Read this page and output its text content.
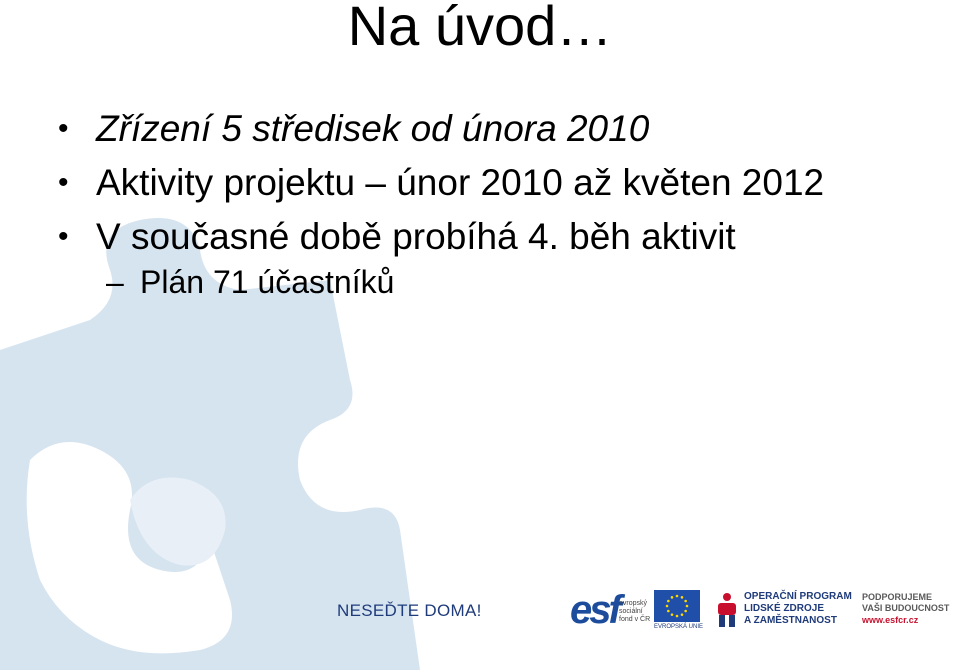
Na úvod…
• Zřízení 5 středisek od února 2010
• Aktivity projektu – únor 2010 až květen 2012
• V současné době probíhá 4. běh aktivit
– Plán 71 účastníků
NESEĎTE DOMA! esf evropský sociální fond v ČR
EVROPSKÁ UNIE
OPERAČNÍ PROGRAM
LIDSKÉ ZDROJE
A ZAMĚSTNANOST
PODPORUJEME
VAŠI BUDOUCNOST
www.esfcr.cz
